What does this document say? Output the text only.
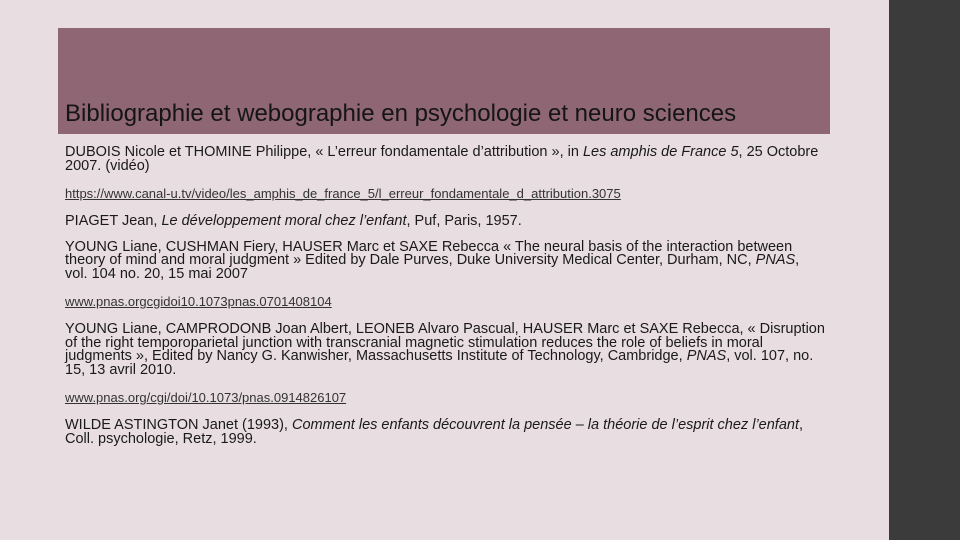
Bibliographie et webographie en psychologie et neuro sciences

DUBOIS Nicole et THOMINE Philippe, « L’erreur fondamentale d’attribution », in Les amphis de France 5, 25 Octobre 2007. (vidéo)

https://www.canal-u.tv/video/les_amphis_de_france_5/l_erreur_fondamentale_d_attribution.3075

PIAGET Jean, Le développement moral chez l’enfant, Puf, Paris, 1957.

YOUNG Liane, CUSHMAN Fiery, HAUSER Marc et SAXE Rebecca « The neural basis of the interaction between theory of mind and moral judgment » Edited by Dale Purves, Duke University Medical Center, Durham, NC, PNAS, vol. 104 no. 20, 15 mai 2007

www.pnas.orgcgidoi10.1073pnas.0701408104

YOUNG Liane, CAMPRODONB Joan Albert, LEONEB Alvaro Pascual, HAUSER Marc et SAXE Rebecca, « Disruption of the right temporoparietal junction with transcranial magnetic stimulation reduces the role of beliefs in moral judgments », Edited by Nancy G. Kanwisher, Massachusetts Institute of Technology, Cambridge, PNAS, vol. 107, no. 15, 13 avril 2010.

www.pnas.org/cgi/doi/10.1073/pnas.0914826107

WILDE ASTINGTON Janet (1993), Comment les enfants découvrent la pensée – la théorie de l’esprit chez l’enfant, Coll. psychologie, Retz, 1999.
